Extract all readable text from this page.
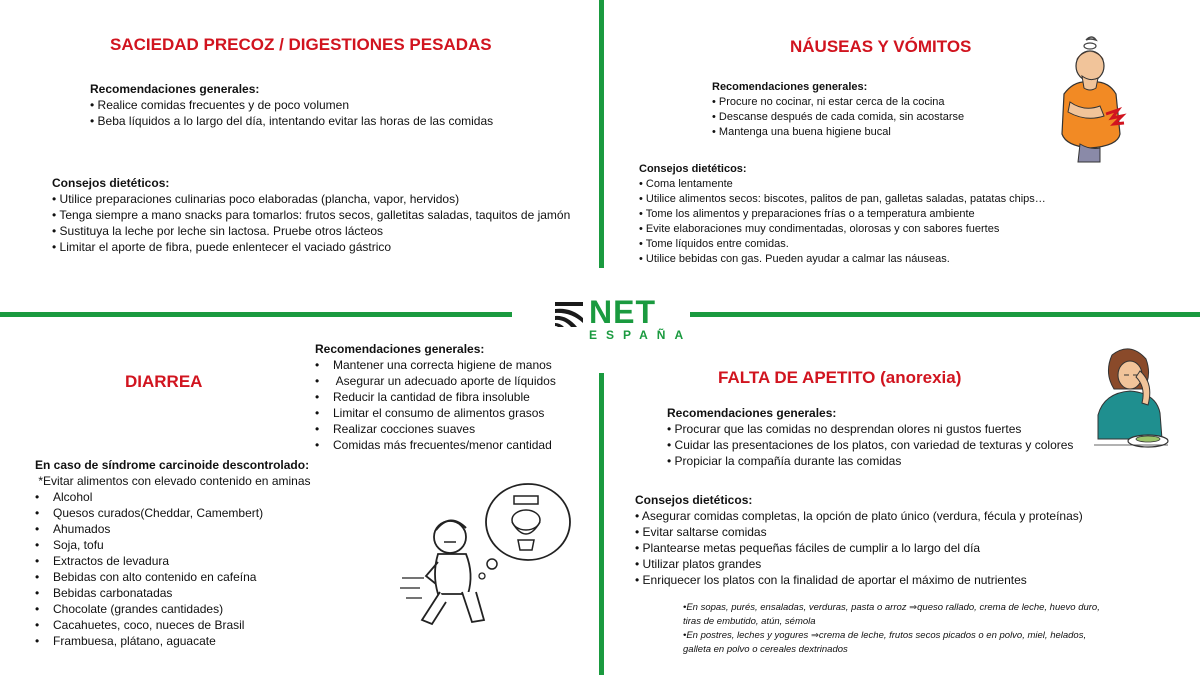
NET
ESPAÑA
SACIEDAD PRECOZ / DIGESTIONES PESADAS
Recomendaciones generales:
• Realice comidas frecuentes y de poco volumen
• Beba líquidos a lo largo del día, intentando evitar las horas de las comidas
Consejos dietéticos:
• Utilice preparaciones culinarias poco elaboradas (plancha, vapor, hervidos)
• Tenga siempre a mano snacks para tomarlos: frutos secos, galletitas saladas, taquitos de jamón
• Sustituya la leche por leche sin lactosa. Pruebe otros lácteos
• Limitar el aporte de fibra, puede enlentecer el vaciado gástrico
NÁUSEAS Y VÓMITOS
Recomendaciones generales:
• Procure no cocinar, ni estar cerca de la cocina
• Descanse después de cada comida, sin acostarse
• Mantenga una buena higiene bucal
Consejos dietéticos:
• Coma lentamente
• Utilice alimentos secos: biscotes, palitos de pan, galletas saladas, patatas chips…
• Tome los alimentos y preparaciones frías o a temperatura ambiente
• Evite elaboraciones muy condimentadas, olorosas y con sabores fuertes
• Tome líquidos entre comidas.
• Utilice bebidas con gas. Pueden ayudar a calmar las náuseas.
DIARREA
Recomendaciones generales:
•	Mantener una correcta higiene de manos
•	Asegurar un adecuado aporte de líquidos
•	Reducir la cantidad de fibra insoluble
•	Limitar el consumo de alimentos grasos
•	Realizar cocciones suaves
•	Comidas más frecuentes/menor cantidad
En caso de síndrome carcinoide descontrolado:
*Evitar alimentos con elevado contenido en aminas
•	Alcohol
•	Quesos curados(Cheddar, Camembert)
•	Ahumados
•	Soja, tofu
•	Extractos de levadura
•	Bebidas con alto contenido en cafeína
•	Bebidas carbonatadas
•	Chocolate (grandes cantidades)
•	Cacahuetes, coco, nueces de Brasil
•	Frambuesa, plátano, aguacate
FALTA DE APETITO (anorexia)
Recomendaciones generales:
• Procurar que las comidas no desprendan olores ni gustos fuertes
• Cuidar las presentaciones de los platos, con variedad de texturas y colores
• Propiciar la compañía durante las comidas
Consejos dietéticos:
• Asegurar comidas completas, la opción de plato único (verdura, fécula y proteínas)
• Evitar saltarse comidas
• Plantearse metas pequeñas fáciles de cumplir a lo largo del día
• Utilizar platos grandes
• Enriquecer los platos con la finalidad de aportar el máximo de nutrientes
•En sopas, purés, ensaladas, verduras, pasta o arroz ⇒queso rallado, crema de leche, huevo duro,
tiras de embutido, atún, sémola
•En postres, leches y yogures ⇒crema de leche, frutos secos picados o en polvo, miel, helados,
galleta en polvo o cereales dextrinados
